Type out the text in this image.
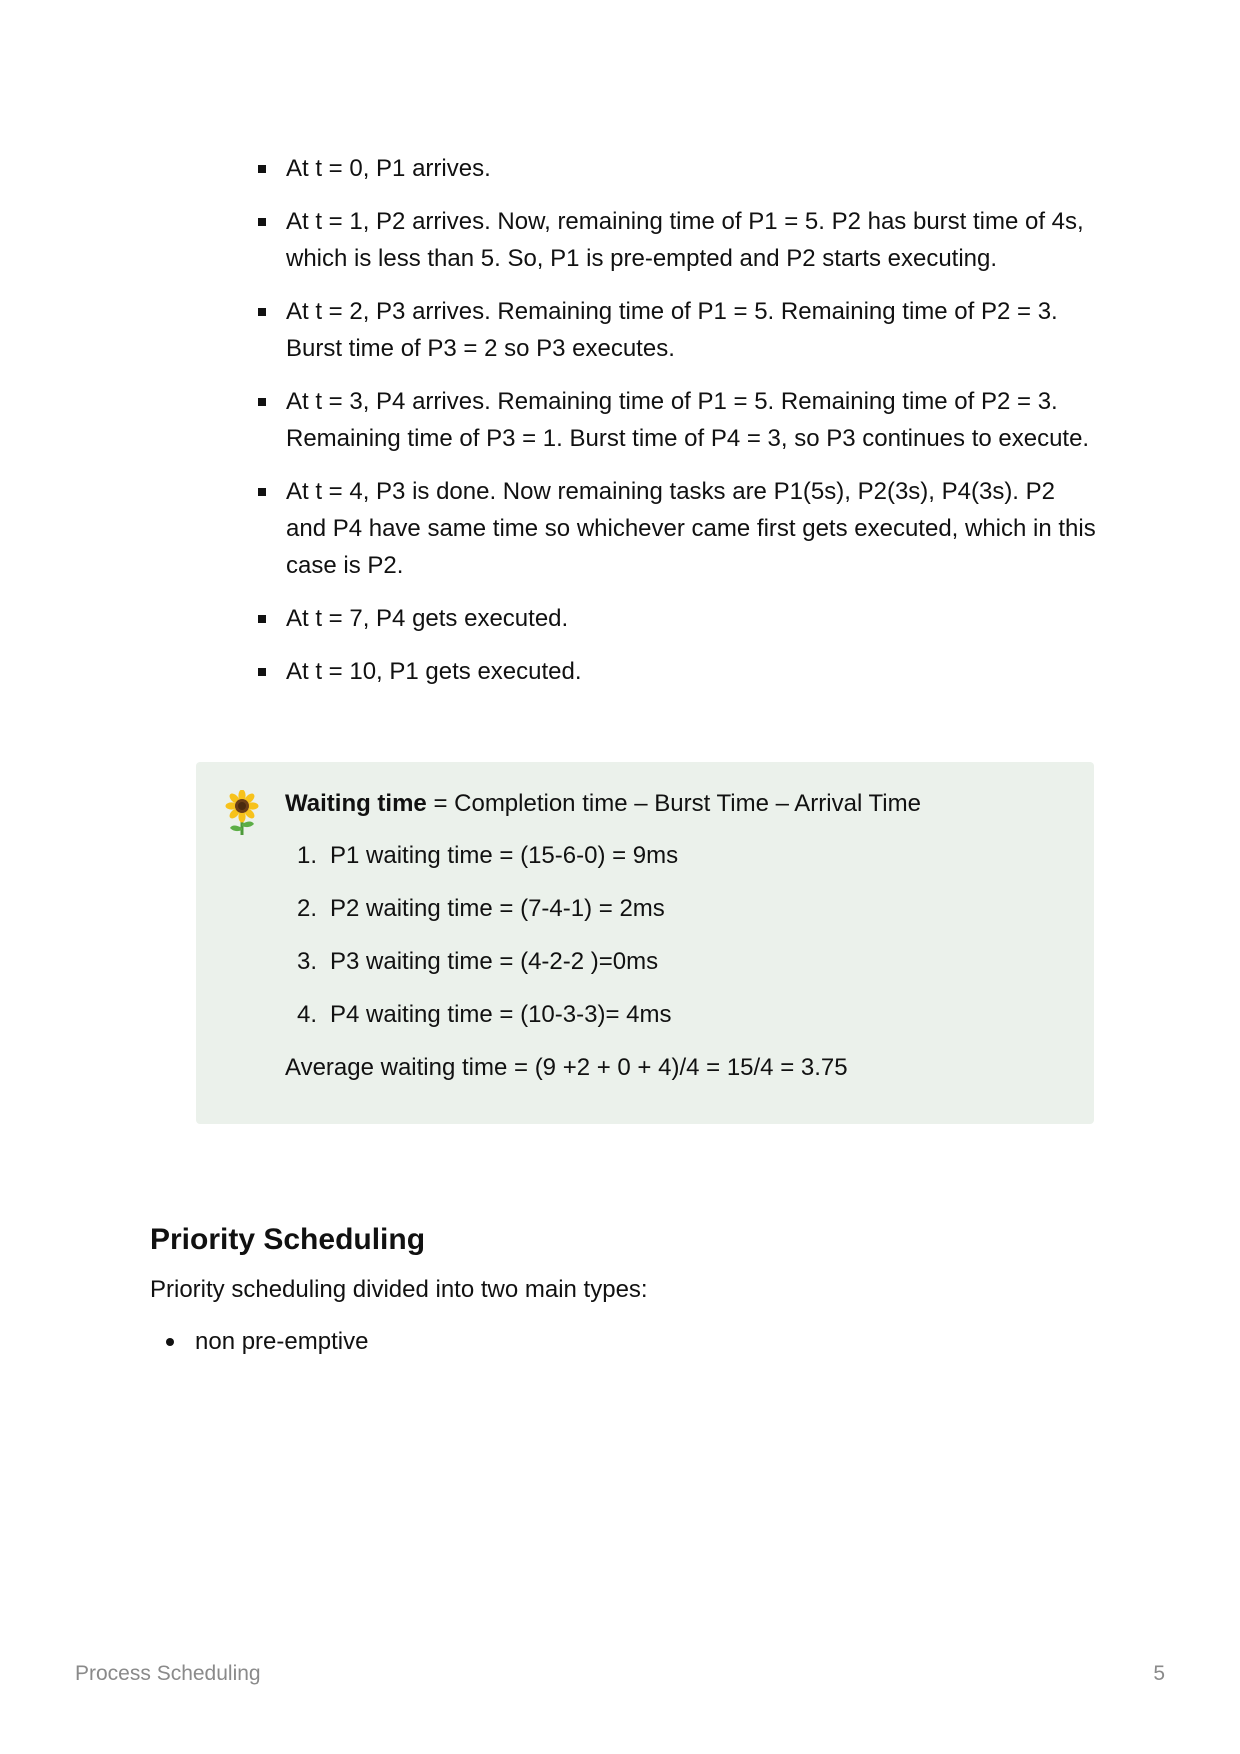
At t = 0, P1 arrives.
At t = 1, P2 arrives. Now, remaining time of P1 = 5. P2 has burst time of 4s, which is less than 5. So, P1 is pre-empted and P2 starts executing.
At t = 2, P3 arrives. Remaining time of P1 = 5. Remaining time of P2 = 3. Burst time of P3 = 2 so P3 executes.
At t = 3, P4 arrives. Remaining time of P1 = 5. Remaining time of P2 = 3. Remaining time of P3 = 1. Burst time of P4 = 3, so P3 continues to execute.
At t = 4, P3 is done. Now remaining tasks are P1(5s), P2(3s), P4(3s). P2 and P4 have same time so whichever came first gets executed, which in this case is P2.
At t = 7, P4 gets executed.
At t = 10, P1 gets executed.

Waiting time = Completion time – Burst Time – Arrival Time

1. P1 waiting time = (15-6-0) = 9ms
2. P2 waiting time = (7-4-1) = 2ms
3. P3 waiting time = (4-2-2 )=0ms
4. P4 waiting time = (10-3-3)= 4ms

Average waiting time = (9 +2 + 0 + 4)/4 = 15/4 = 3.75

Priority Scheduling

Priority scheduling divided into two main types:

non pre-emptive
Process Scheduling	5
